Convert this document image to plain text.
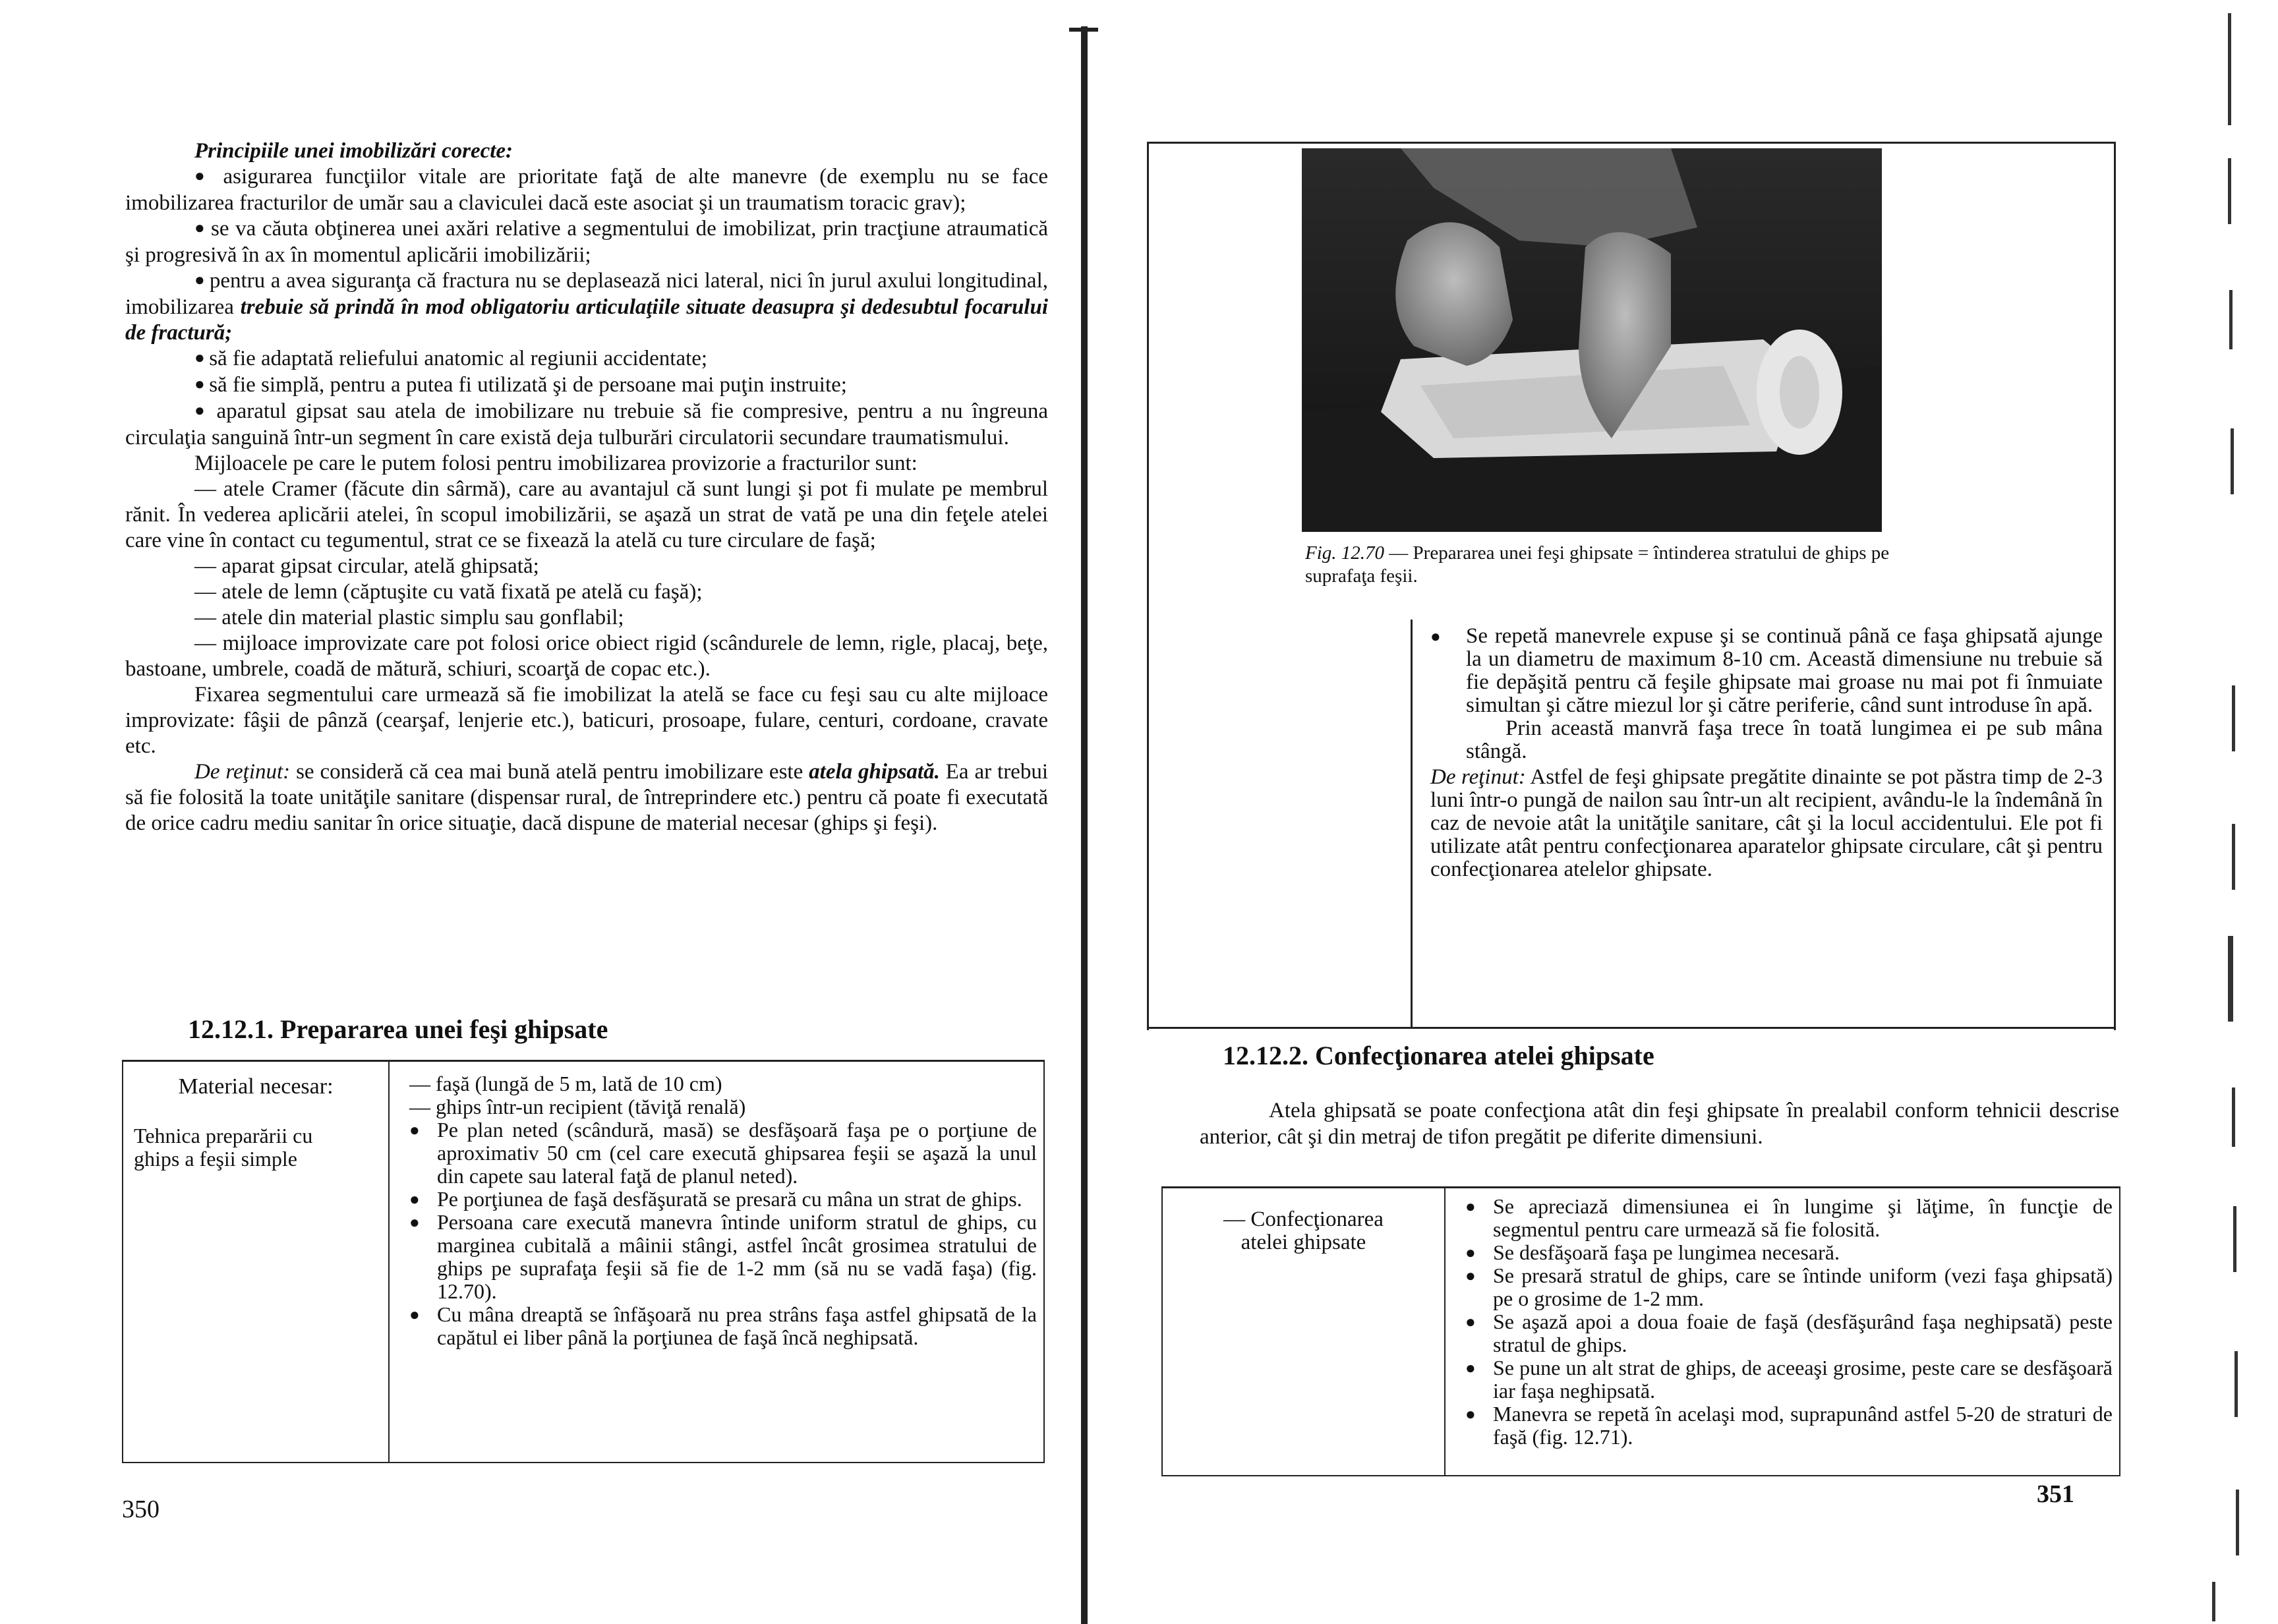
Principiile unei imobilizări corecte:

● asigurarea funcţiilor vitale are prioritate faţă de alte manevre (de exemplu nu se face imobilizarea fracturilor de umăr sau a claviculei dacă este asociat şi un traumatism toracic grav);

● se va căuta obţinerea unei axări relative a segmentului de imobilizat, prin tracţiune atraumatică şi progresivă în ax în momentul aplicării imobilizării;

● pentru a avea siguranţa că fractura nu se deplasează nici lateral, nici în jurul axului longitudinal, imobilizarea trebuie să prindă în mod obligatoriu articulaţiile situate deasupra şi dedesubtul focarului de fractură;

● să fie adaptată reliefului anatomic al regiunii accidentate;

● să fie simplă, pentru a putea fi utilizată şi de persoane mai puţin instruite;

● aparatul gipsat sau atela de imobilizare nu trebuie să fie compresive, pentru a nu îngreuna circulaţia sanguină într-un segment în care există deja tulburări circulatorii secundare traumatismului.

Mijloacele pe care le putem folosi pentru imobilizarea provizorie a fracturilor sunt:

— atele Cramer (făcute din sârmă), care au avantajul că sunt lungi şi pot fi mulate pe membrul rănit. În vederea aplicării atelei, în scopul imobilizării, se aşază un strat de vată pe una din feţele atelei care vine în contact cu tegumentul, strat ce se fixează la atelă cu ture circulare de faşă;

— aparat gipsat circular, atelă ghipsată;

— atele de lemn (căptuşite cu vată fixată pe atelă cu faşă);

— atele din material plastic simplu sau gonflabil;

— mijloace improvizate care pot folosi orice obiect rigid (scândurele de lemn, rigle, placaj, beţe, bastoane, umbrele, coadă de mătură, schiuri, scoarţă de copac etc.).

Fixarea segmentului care urmează să fie imobilizat la atelă se face cu feşi sau cu alte mijloace improvizate: fâşii de pânză (cearşaf, lenjerie etc.), baticuri, prosoape, fulare, centuri, cordoane, cravate etc.

De reţinut: se consideră că cea mai bună atelă pentru imobilizare este atela ghipsată. Ea ar trebui să fie folosită la toate unităţile sanitare (dispensar rural, de întreprindere etc.) pentru că poate fi executată de orice cadru mediu sanitar în orice situaţie, dacă dispune de material necesar (ghips şi feşi).

12.12.1. Prepararea unei feşi ghipsate
Material necesar:
Tehnica preparării cu ghips a feşii simple

— faşă (lungă de 5 m, lată de 10 cm)
— ghips într-un recipient (tăviţă renală)
● Pe plan neted (scândură, masă) se desfăşoară faşa pe o porţiune de aproximativ 50 cm (cel care execută ghipsarea feşii se aşază la unul din capete sau lateral faţă de planul neted).
● Pe porţiunea de faşă desfăşurată se presară cu mâna un strat de ghips.
● Persoana care execută manevra întinde uniform stratul de ghips, cu marginea cubitală a mâinii stângi, astfel încât grosimea stratului de ghips pe suprafaţa feşii să fie de 1-2 mm (să nu se vadă faşa) (fig. 12.70).
● Cu mâna dreaptă se înfăşoară nu prea strâns faşa astfel ghipsată de la capătul ei liber până la porţiunea de faşă încă neghipsată.
350
Fig. 12.70 — Prepararea unei feşi ghipsate = întinderea stratului de ghips pe suprafaţa feşii.

● Se repetă manevrele expuse şi se continuă până ce faşa ghipsată ajunge la un diametru de maximum 8-10 cm. Această dimensiune nu trebuie să fie depăşită pentru că feşile ghipsate mai groase nu mai pot fi înmuiate simultan şi către miezul lor şi către periferie, când sunt introduse în apă.

Prin această manvră faşa trece în toată lungimea ei pe sub mâna stângă.

De reţinut: Astfel de feşi ghipsate pregătite dinainte se pot păstra timp de 2-3 luni într-o pungă de nailon sau într-un alt recipient, avându-le la îndemână în caz de nevoie atât la unităţile sanitare, cât şi la locul accidentului. Ele pot fi utilizate atât pentru confecţionarea aparatelor ghipsate circulare, cât şi pentru confecţionarea atelelor ghipsate.

12.12.2. Confecţionarea atelei ghipsate

Atela ghipsată se poate confecţiona atât din feşi ghipsate în prealabil conform tehnicii descrise anterior, cât şi din metraj de tifon pregătit pe diferite dimensiuni.

— Confecţionarea atelei ghipsate

● Se apreciază dimensiunea ei în lungime şi lăţime, în funcţie de segmentul pentru care urmează să fie folosită.
● Se desfăşoară faşa pe lungimea necesară.
● Se presară stratul de ghips, care se întinde uniform (vezi faşa ghipsată) pe o grosime de 1-2 mm.
● Se aşază apoi a doua foaie de faşă (desfăşurând faşa neghipsată) peste stratul de ghips.
● Se pune un alt strat de ghips, de aceeaşi grosime, peste care se desfăşoară iar faşa neghipsată.
● Manevra se repetă în acelaşi mod, suprapunând astfel 5-20 de straturi de faşă (fig. 12.71).
351
